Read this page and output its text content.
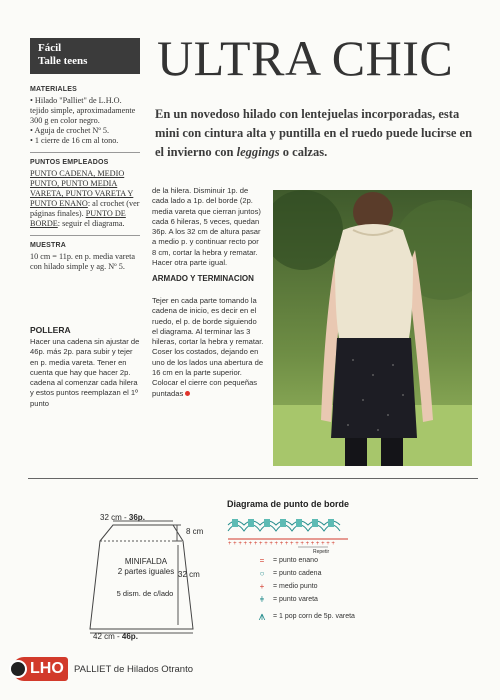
Fácil
Talle teens	ULTRA CHIC
En un novedoso hilado con lentejuelas incorporadas, esta mini con cintura alta y puntilla en el ruedo puede lucirse en el invierno con leggings o calzas.
MATERIALES
• Hilado "Palliet" de L.H.O. tejido simple, aproximadamente 300 g en color negro.
• Aguja de crochet Nº 5.
• 1 cierre de 16 cm al tono.
PUNTOS EMPLEADOS
PUNTO CADENA, MEDIO PUNTO, PUNTO MEDIA VARETA, PUNTO VARETA Y PUNTO ENANO: al crochet (ver páginas finales). PUNTO DE BORDE: seguir el diagrama.
MUESTRA
10 cm = 11p. en p. media vareta con hilado simple y ag. Nº 5.
POLLERA
Hacer una cadena sin ajustar de 46p. más 2p. para subir y tejer en p. media vareta. Tener en cuenta que hay que hacer 2p. cadena al comenzar cada hilera y estos puntos reemplazan el 1º punto
de la hilera. Disminuir 1p. de cada lado a 1p. del borde (2p. media vareta que cierran juntos) cada 6 hileras, 5 veces, quedan 36p. A los 32 cm de altura pasar a medio p. y continuar recto por 8 cm, cortar la hebra y rematar. Hacer otra parte igual.
ARMADO Y TERMINACION
Tejer en cada parte tomando la cadena de inicio, es decir en el ruedo, el p. de borde siguiendo el diagrama. Al terminar las 3 hileras, cortar la hebra y rematar. Coser los costados, dejando en uno de los lados una abertura de 16 cm en la parte superior. Colocar el cierre con pequeñas puntadas
+ + + + + + + + + + + + + + + + + + + + +
32 cm - 36p.
8 cm
MINIFALDA
2 partes iguales
5 dism. de c/lado
32 cm
42 cm - 46p.
Repetir
Diagrama de punto de borde
=	= punto enano
○	= punto cadena
+	= medio punto
ǂ	= punto vareta
⩚	= 1 pop corn de 5p. vareta
LHO	PALLIET de Hilados Otranto
